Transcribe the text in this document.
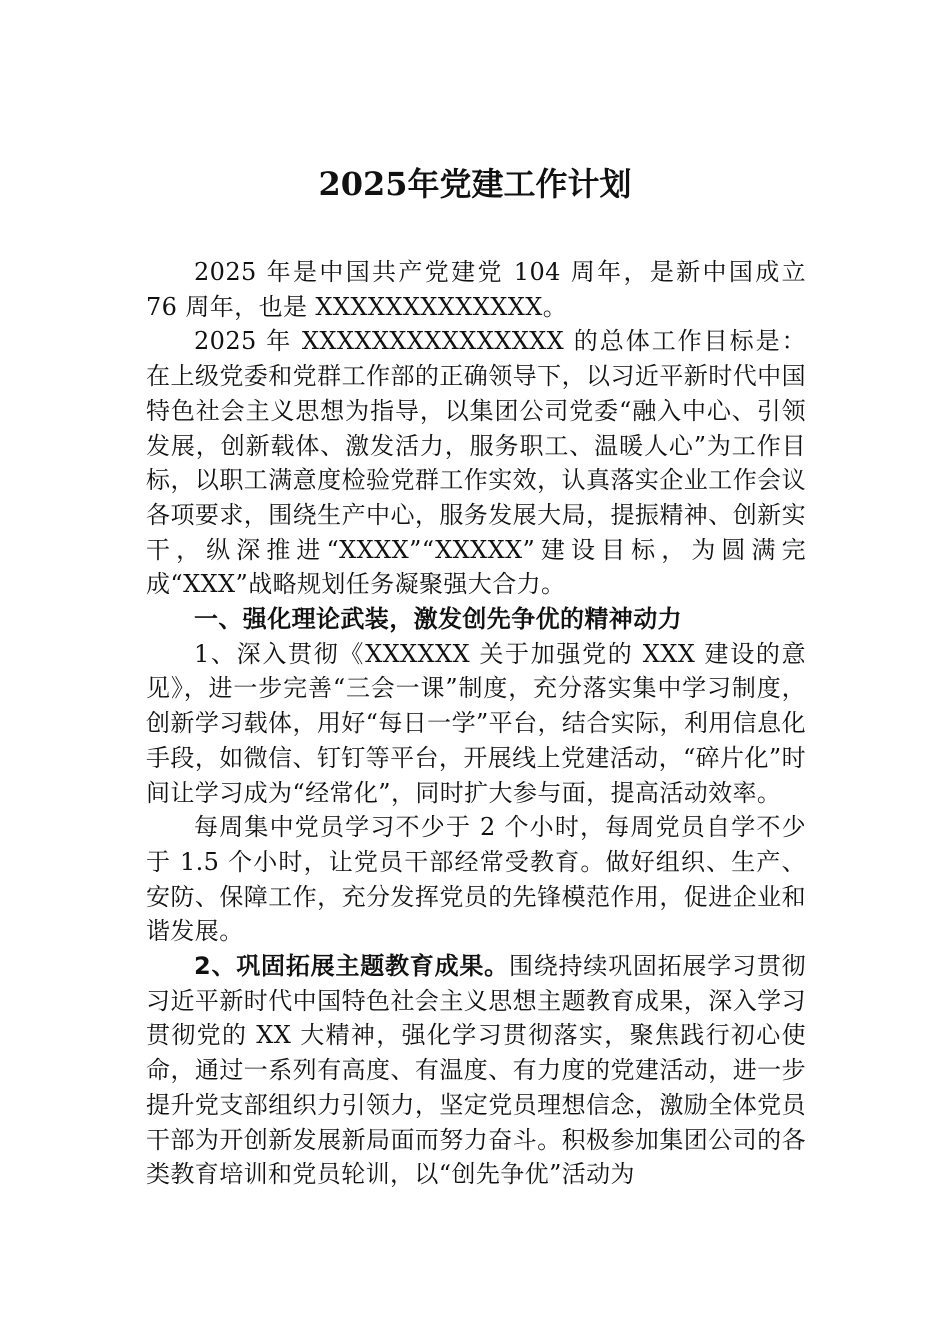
2025年党建工作计划

2025 年是中国共产党建党 104 周年，是新中国成立 76 周年，也是 XXXXXXXXXXXXX。

2025 年 XXXXXXXXXXXXXXX 的总体工作目标是：在上级党委和党群工作部的正确领导下，以习近平新时代中国特色社会主义思想为指导，以集团公司党委“融入中心、引领发展，创新载体、激发活力，服务职工、温暖人心”为工作目标，以职工满意度检验党群工作实效，认真落实企业工作会议各项要求，围绕生产中心，服务发展大局，提振精神、创新实干，纵深推进“XXXX”“XXXXX”建设目标，为圆满完成“XXX”战略规划任务凝聚强大合力。

一、强化理论武装，激发创先争优的精神动力

1、深入贯彻《XXXXXX 关于加强党的 XXX 建设的意见》，进一步完善“三会一课”制度，充分落实集中学习制度，创新学习载体，用好“每日一学”平台，结合实际，利用信息化手段，如微信、钉钉等平台，开展线上党建活动，“碎片化”时间让学习成为“经常化”，同时扩大参与面，提高活动效率。

每周集中党员学习不少于 2 个小时，每周党员自学不少于 1.5 个小时，让党员干部经常受教育。做好组织、生产、安防、保障工作，充分发挥党员的先锋模范作用，促进企业和谐发展。

2、巩固拓展主题教育成果。围绕持续巩固拓展学习贯彻习近平新时代中国特色社会主义思想主题教育成果，深入学习贯彻党的 XX 大精神，强化学习贯彻落实，聚焦践行初心使命，通过一系列有高度、有温度、有力度的党建活动，进一步提升党支部组织力引领力，坚定党员理想信念，激励全体党员干部为开创新发展新局面而努力奋斗。积极参加集团公司的各类教育培训和党员轮训，以“创先争优”活动为
